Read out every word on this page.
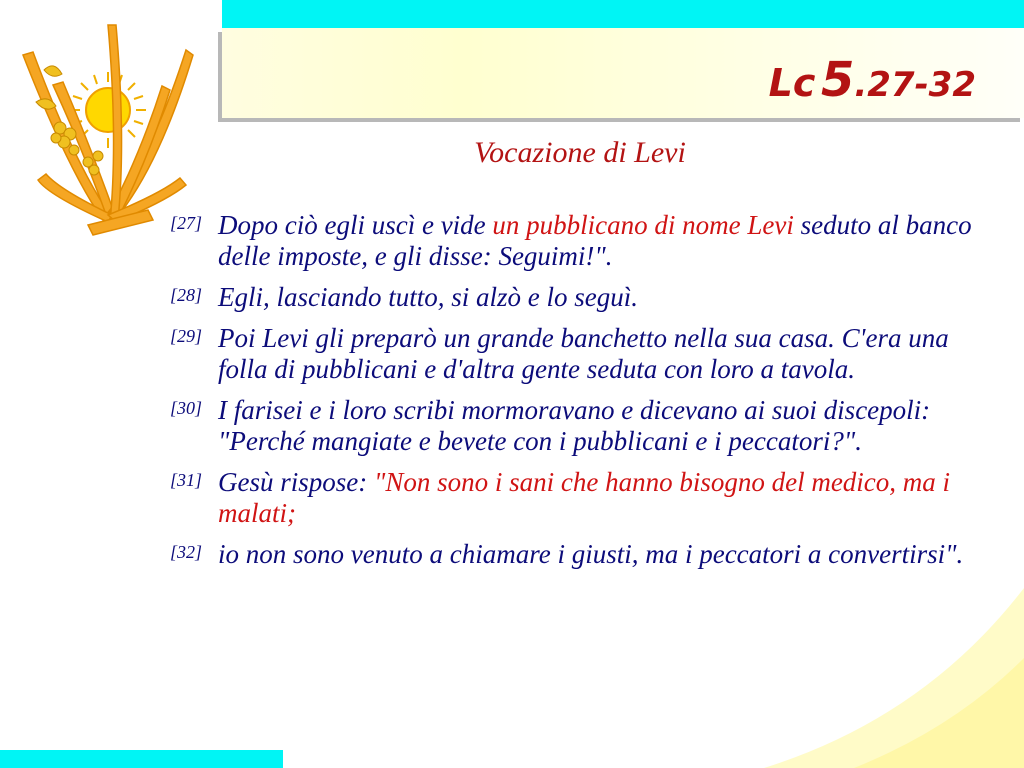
Lc 5.27-32
Vocazione di Levi
[27] Dopo ciò egli uscì e vide un pubblicano di nome Levi seduto al banco delle imposte, e gli disse: Seguimi!".
[28] Egli, lasciando tutto, si alzò e lo seguì.
[29] Poi Levi gli preparò un grande banchetto nella sua casa. C'era una folla di pubblicani e d'altra gente seduta con loro a tavola.
[30] I farisei e i loro scribi mormoravano e dicevano ai suoi discepoli: "Perché mangiate e bevete con i pubblicani e i peccatori?".
[31] Gesù rispose: "Non sono i sani che hanno bisogno del medico, ma i malati;
[32] io non sono venuto a chiamare i giusti, ma i peccatori a convertirsi".
